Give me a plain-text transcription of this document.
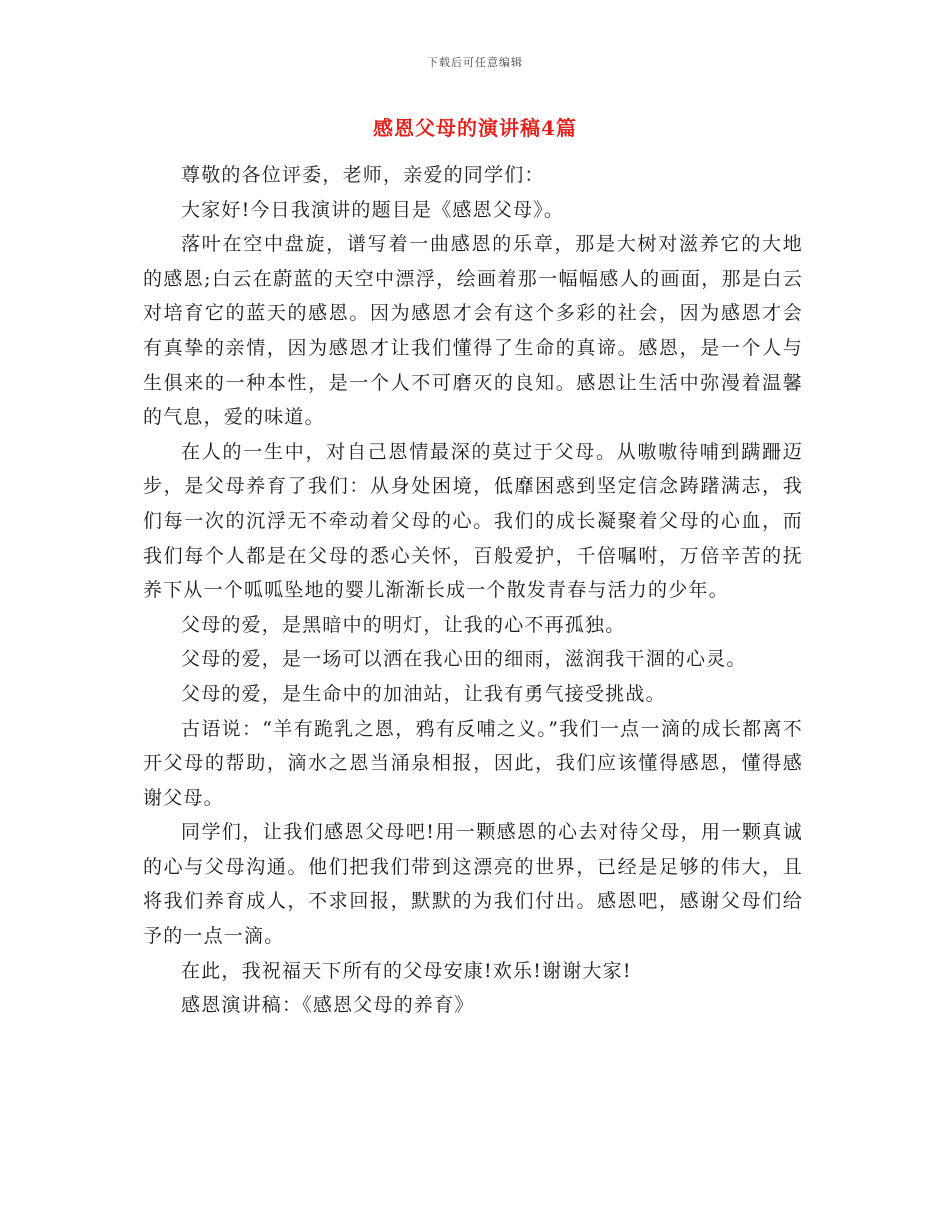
下载后可任意编辑
感恩父母的演讲稿4篇

尊敬的各位评委，老师，亲爱的同学们：

大家好!今日我演讲的题目是《感恩父母》。

落叶在空中盘旋，谱写着一曲感恩的乐章，那是大树对滋养它的大地的感恩;白云在蔚蓝的天空中漂浮，绘画着那一幅幅感人的画面，那是白云对培育它的蓝天的感恩。因为感恩才会有这个多彩的社会，因为感恩才会有真挚的亲情，因为感恩才让我们懂得了生命的真谛。感恩，是一个人与生俱来的一种本性，是一个人不可磨灭的良知。感恩让生活中弥漫着温馨的气息，爱的味道。

在人的一生中，对自己恩情最深的莫过于父母。从嗷嗷待哺到蹒跚迈步，是父母养育了我们：从身处困境，低靡困惑到坚定信念踌躇满志，我们每一次的沉浮无不牵动着父母的心。我们的成长凝聚着父母的心血，而我们每个人都是在父母的悉心关怀，百般爱护，千倍嘱咐，万倍辛苦的抚养下从一个呱呱坠地的婴儿渐渐长成一个散发青春与活力的少年。

父母的爱，是黑暗中的明灯，让我的心不再孤独。

父母的爱，是一场可以洒在我心田的细雨，滋润我干涸的心灵。

父母的爱，是生命中的加油站，让我有勇气接受挑战。

古语说：“羊有跪乳之恩，鸦有反哺之义。”我们一点一滴的成长都离不开父母的帮助，滴水之恩当涌泉相报，因此，我们应该懂得感恩，懂得感谢父母。

同学们，让我们感恩父母吧!用一颗感恩的心去对待父母，用一颗真诚的心与父母沟通。他们把我们带到这漂亮的世界，已经是足够的伟大，且将我们养育成人，不求回报，默默的为我们付出。感恩吧，感谢父母们给予的一点一滴。

在此，我祝福天下所有的父母安康!欢乐!谢谢大家!

感恩演讲稿：《感恩父母的养育》
